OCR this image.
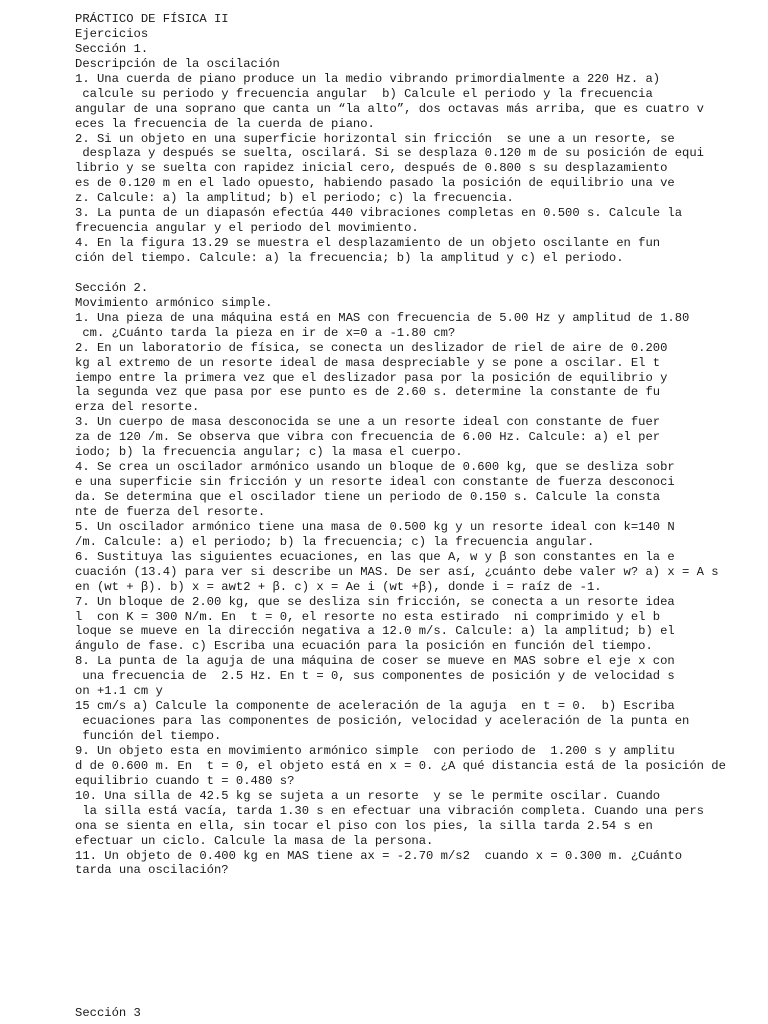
PRÁCTICO DE FÍSICA II
Ejercicios
Sección 1.
Descripción de la oscilación
1. Una cuerda de piano produce un la medio vibrando primordialmente a 220 Hz. a)
calcule su periodo y frecuencia angular  b) Calcule el periodo y la frecuencia
angular de una soprano que canta un “la alto”, dos octavas más arriba, que es cuatro v
eces la frecuencia de la cuerda de piano.
2. Si un objeto en una superficie horizontal sin fricción  se une a un resorte, se
desplaza y después se suelta, oscilará. Si se desplaza 0.120 m de su posición de equi
librio y se suelta con rapidez inicial cero, después de 0.800 s su desplazamiento
es de 0.120 m en el lado opuesto, habiendo pasado la posición de equilibrio una ve
z. Calcule: a) la amplitud; b) el periodo; c) la frecuencia.
3. La punta de un diapasón efectúa 440 vibraciones completas en 0.500 s. Calcule la
frecuencia angular y el periodo del movimiento.
4. En la figura 13.29 se muestra el desplazamiento de un objeto oscilante en fun
ción del tiempo. Calcule: a) la frecuencia; b) la amplitud y c) el periodo.
Sección 2.
Movimiento armónico simple.
1. Una pieza de una máquina está en MAS con frecuencia de 5.00 Hz y amplitud de 1.80
cm. ¿Cuánto tarda la pieza en ir de x=0 a -1.80 cm?
2. En un laboratorio de física, se conecta un deslizador de riel de aire de 0.200
kg al extremo de un resorte ideal de masa despreciable y se pone a oscilar. El t
iempo entre la primera vez que el deslizador pasa por la posición de equilibrio y
la segunda vez que pasa por ese punto es de 2.60 s. determine la constante de fu
erza del resorte.
3. Un cuerpo de masa desconocida se une a un resorte ideal con constante de fuer
za de 120 /m. Se observa que vibra con frecuencia de 6.00 Hz. Calcule: a) el per
iodo; b) la frecuencia angular; c) la masa el cuerpo.
4. Se crea un oscilador armónico usando un bloque de 0.600 kg, que se desliza sobr
e una superficie sin fricción y un resorte ideal con constante de fuerza desconoci
da. Se determina que el oscilador tiene un periodo de 0.150 s. Calcule la consta
nte de fuerza del resorte.
5. Un oscilador armónico tiene una masa de 0.500 kg y un resorte ideal con k=140 N
/m. Calcule: a) el periodo; b) la frecuencia; c) la frecuencia angular.
6. Sustituya las siguientes ecuaciones, en las que A, w y β son constantes en la e
cuación (13.4) para ver si describe un MAS. De ser así, ¿cuánto debe valer w? a) x = A s
en (wt + β). b) x = awt2 + β. c) x = Ae i (wt +β), donde i = raíz de -1.
7. Un bloque de 2.00 kg, que se desliza sin fricción, se conecta a un resorte idea
l  con K = 300 N/m. En  t = 0, el resorte no esta estirado  ni comprimido y el b
loque se mueve en la dirección negativa a 12.0 m/s. Calcule: a) la amplitud; b) el
ángulo de fase. c) Escriba una ecuación para la posición en función del tiempo.
8. La punta de la aguja de una máquina de coser se mueve en MAS sobre el eje x con
una frecuencia de  2.5 Hz. En t = 0, sus componentes de posición y de velocidad s
on +1.1 cm y
15 cm/s a) Calcule la componente de aceleración de la aguja  en t = 0.  b) Escriba
ecuaciones para las componentes de posición, velocidad y aceleración de la punta en
función del tiempo.
9. Un objeto esta en movimiento armónico simple  con periodo de  1.200 s y amplitu
d de 0.600 m. En  t = 0, el objeto está en x = 0. ¿A qué distancia está de la posición de
equilibrio cuando t = 0.480 s?
10. Una silla de 42.5 kg se sujeta a un resorte  y se le permite oscilar. Cuando
la silla está vacía, tarda 1.30 s en efectuar una vibración completa. Cuando una pers
ona se sienta en ella, sin tocar el piso con los pies, la silla tarda 2.54 s en
efectuar un ciclo. Calcule la masa de la persona.
11. Un objeto de 0.400 kg en MAS tiene ax = -2.70 m/s2  cuando x = 0.300 m. ¿Cuánto
tarda una oscilación?
Sección 3
